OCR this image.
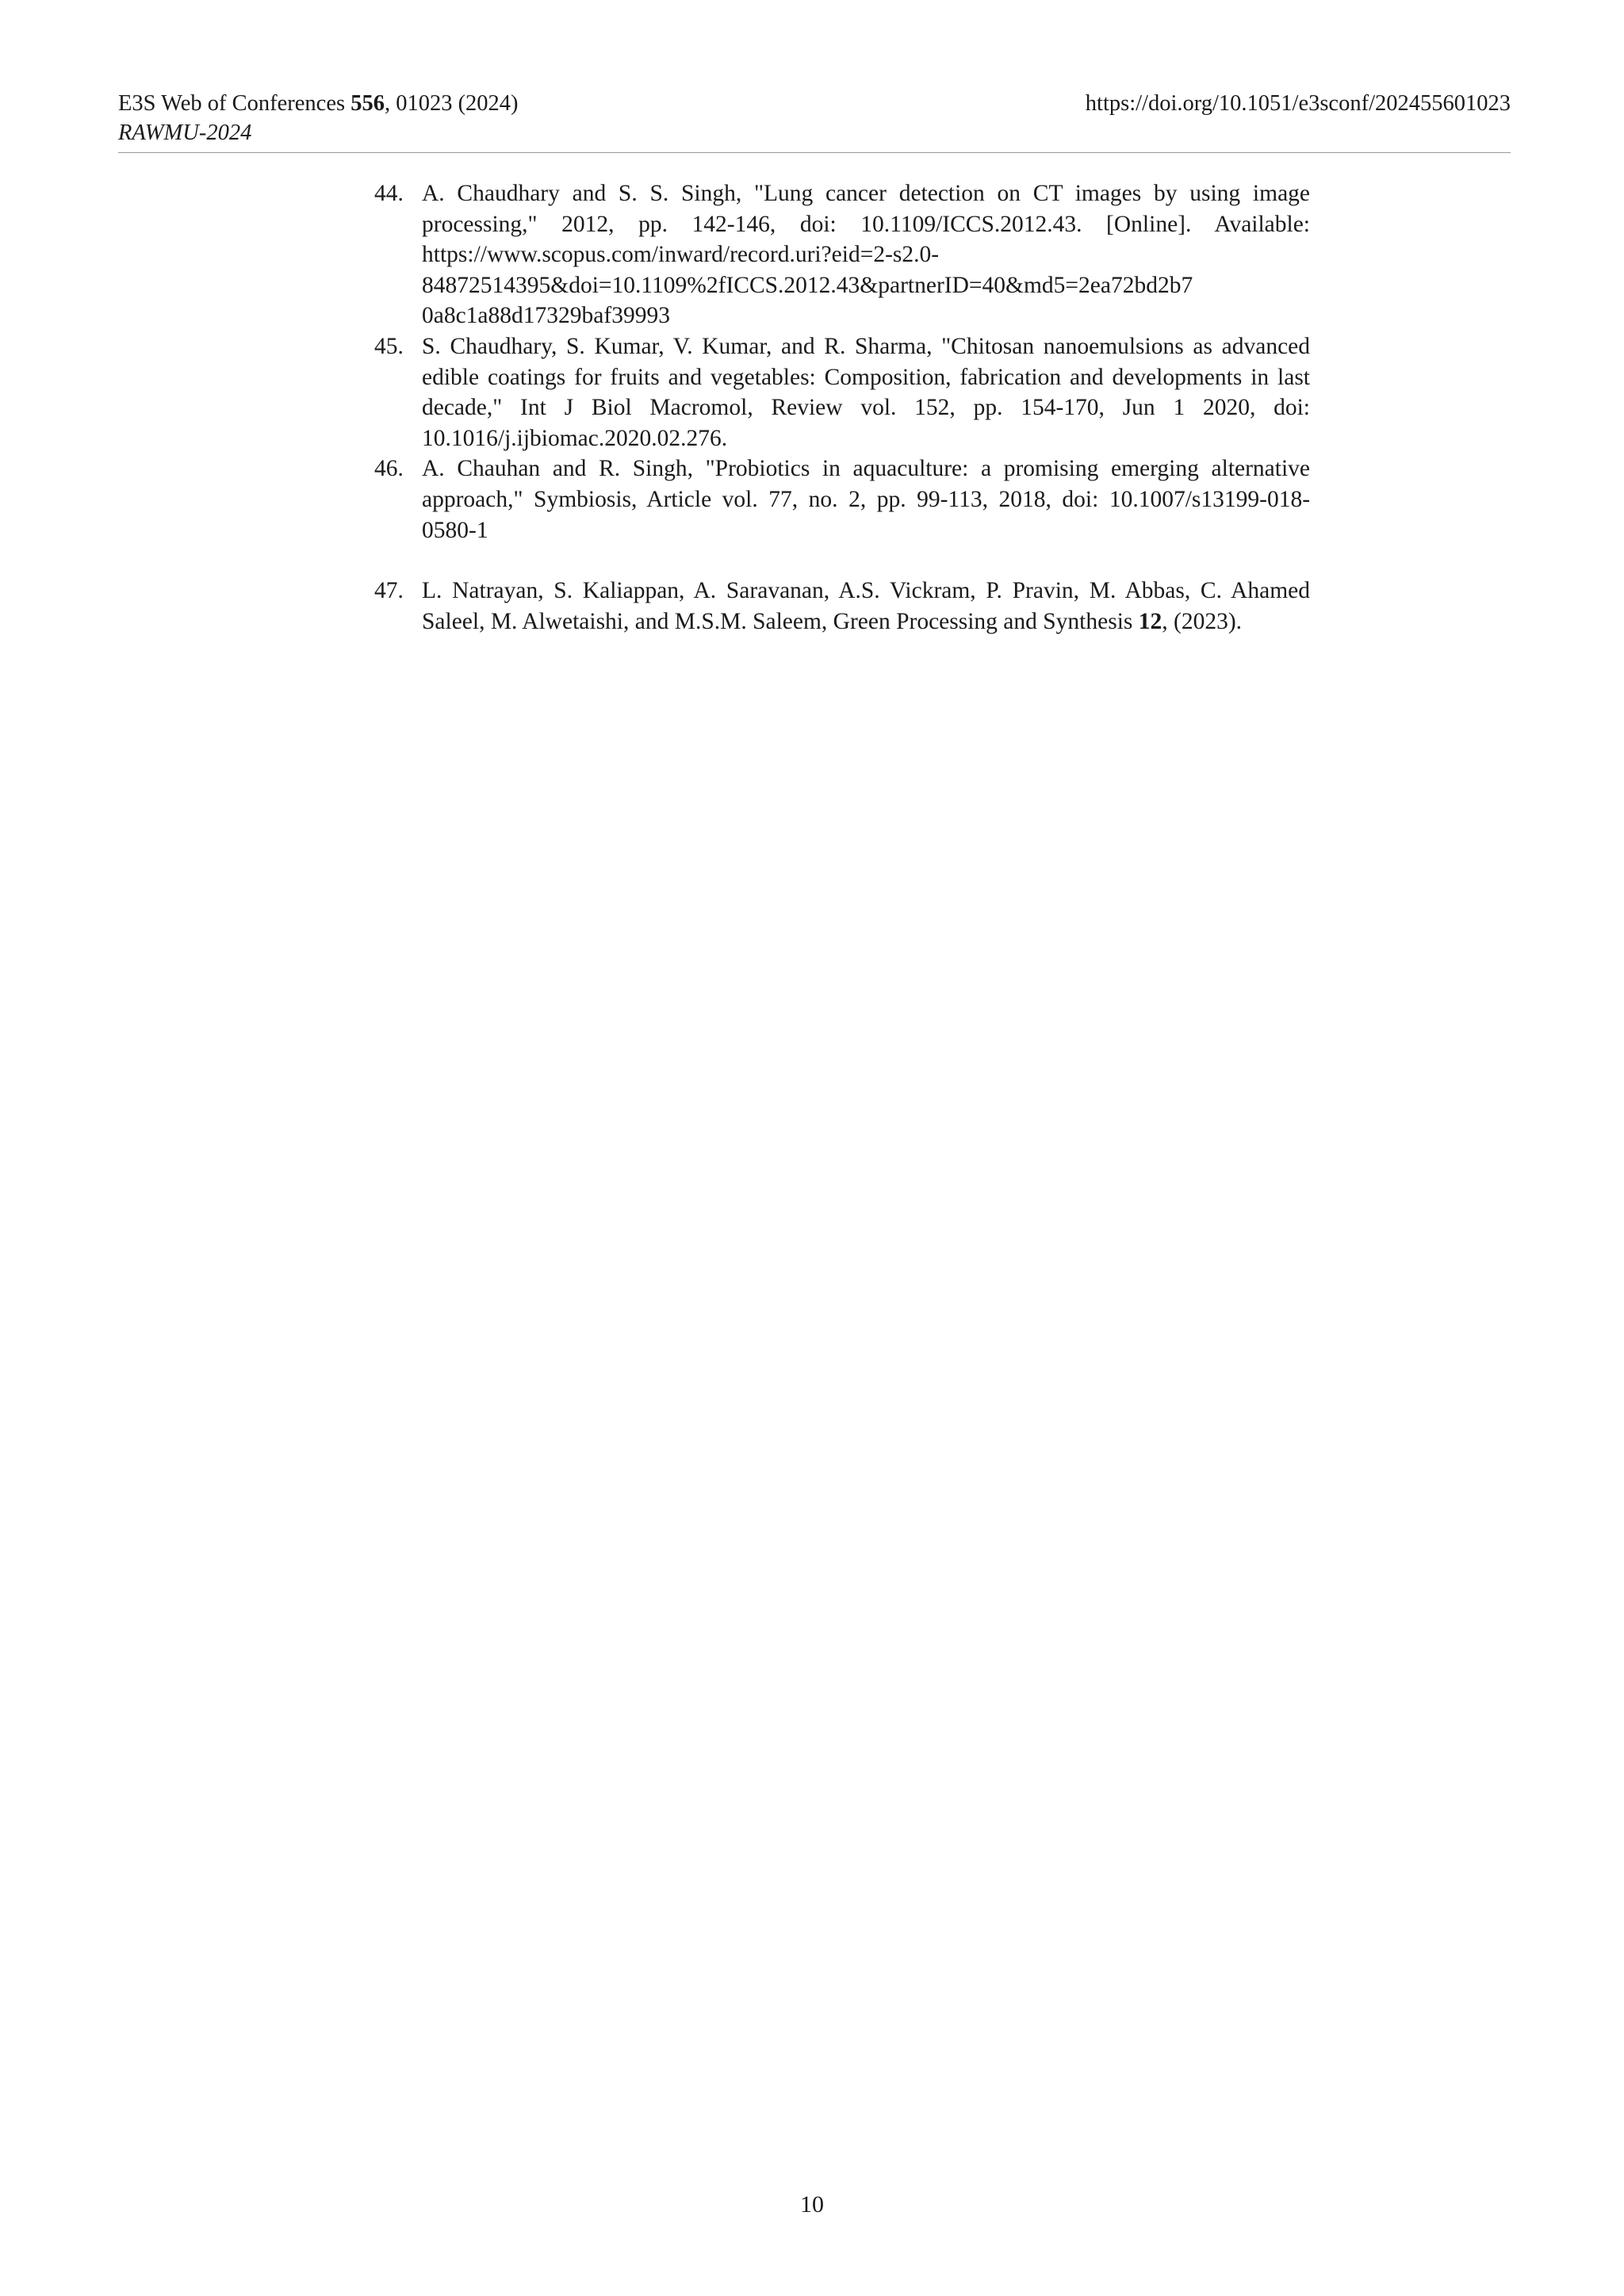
E3S Web of Conferences 556, 01023 (2024)
RAWMU-2024
https://doi.org/10.1051/e3sconf/202455601023
44. A. Chaudhary and S. S. Singh, "Lung cancer detection on CT images by using image processing," 2012, pp. 142-146, doi: 10.1109/ICCS.2012.43. [Online]. Available: https://www.scopus.com/inward/record.uri?eid=2-s2.0- 84872514395&doi=10.1109%2fICCS.2012.43&partnerID=40&md5=2ea72bd2b7 0a8c1a88d17329baf39993
45. S. Chaudhary, S. Kumar, V. Kumar, and R. Sharma, "Chitosan nanoemulsions as advanced edible coatings for fruits and vegetables: Composition, fabrication and developments in last decade," Int J Biol Macromol, Review vol. 152, pp. 154-170, Jun 1 2020, doi: 10.1016/j.ijbiomac.2020.02.276.
46. A. Chauhan and R. Singh, "Probiotics in aquaculture: a promising emerging alternative approach," Symbiosis, Article vol. 77, no. 2, pp. 99-113, 2018, doi: 10.1007/s13199-018-0580-1
47. L. Natrayan, S. Kaliappan, A. Saravanan, A.S. Vickram, P. Pravin, M. Abbas, C. Ahamed Saleel, M. Alwetaishi, and M.S.M. Saleem, Green Processing and Synthesis 12, (2023).
10
